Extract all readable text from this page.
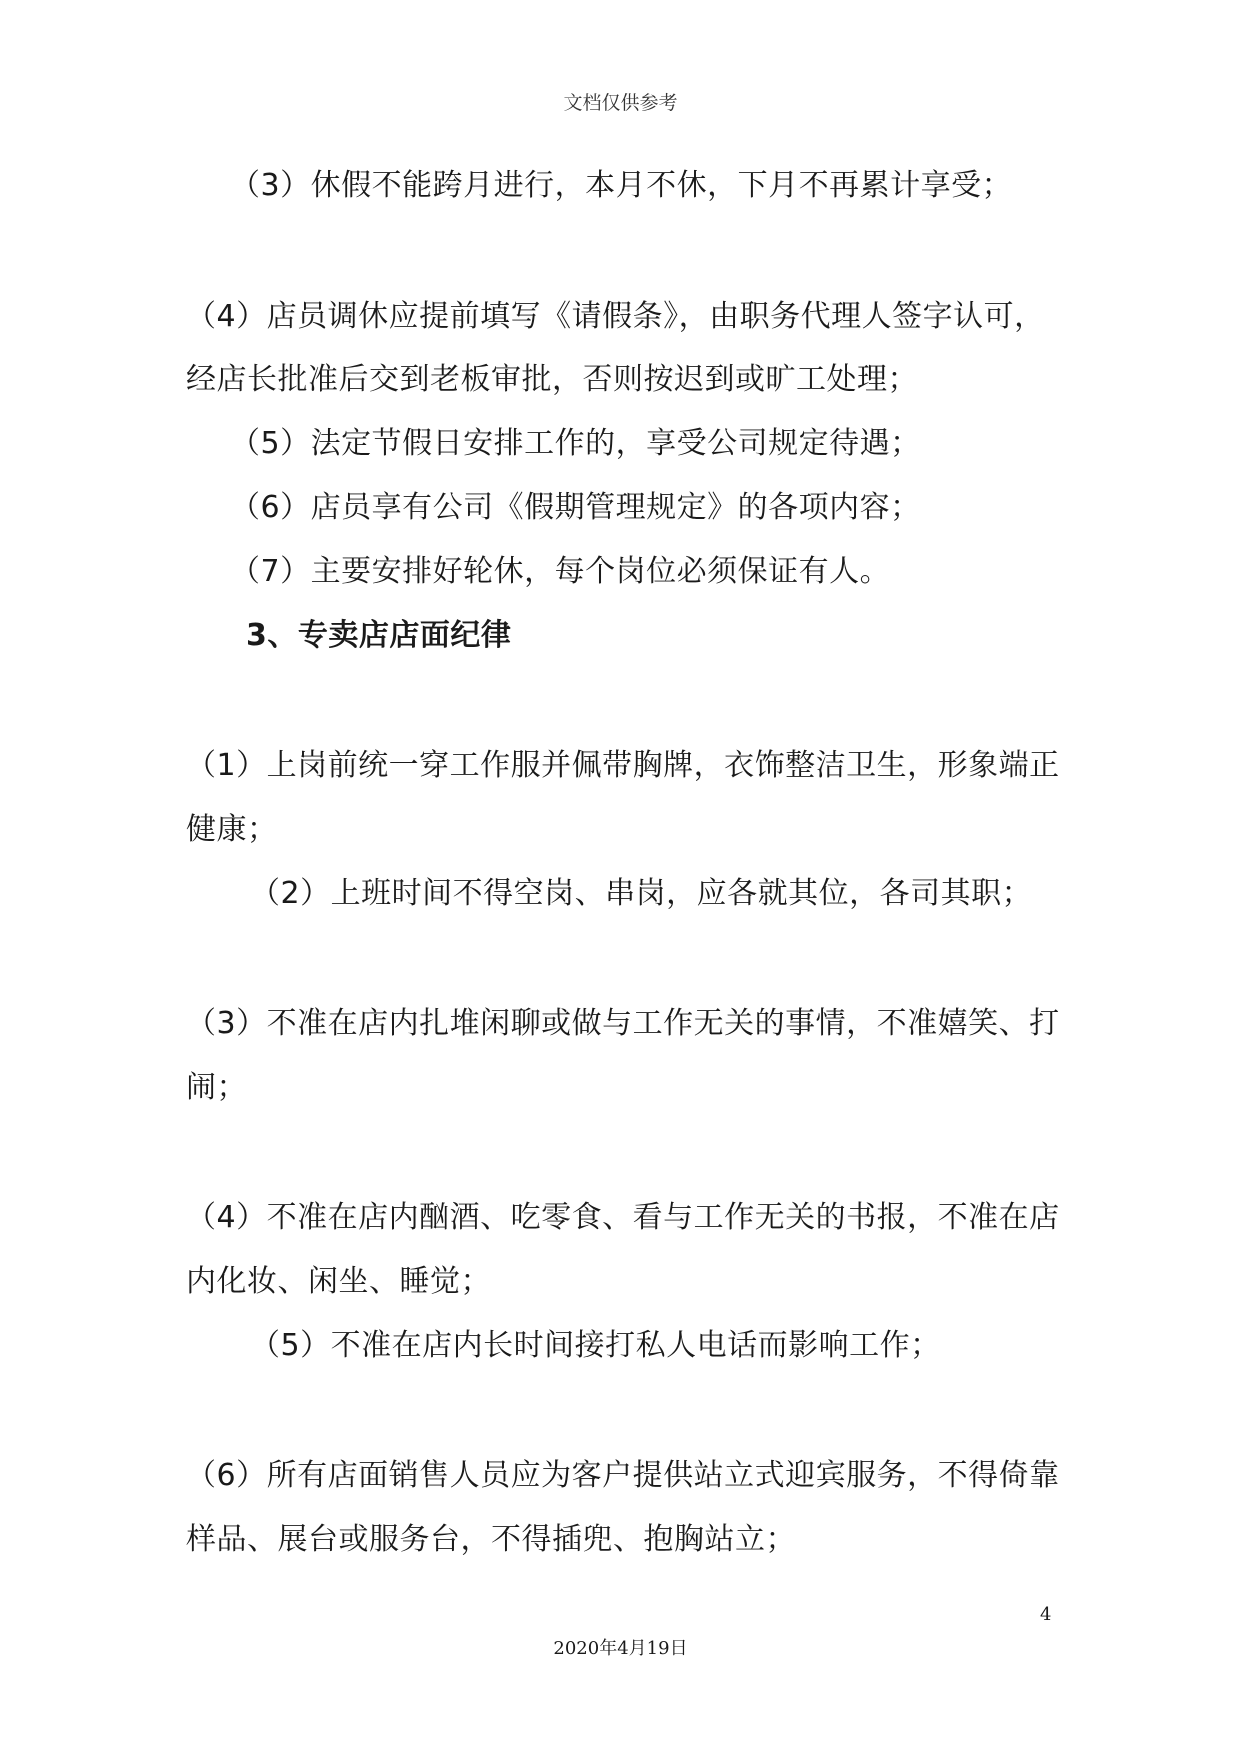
文档仅供参考
（3）休假不能跨月进行，本月不休，下月不再累计享受；
（4）店员调休应提前填写《请假条》，由职务代理人签字认可，
经店长批准后交到老板审批，否则按迟到或旷工处理；
（5）法定节假日安排工作的，享受公司规定待遇；
（6）店员享有公司《假期管理规定》的各项内容；
（7）主要安排好轮休，每个岗位必须保证有人。
3、专卖店店面纪律
（1）上岗前统一穿工作服并佩带胸牌，衣饰整洁卫生，形象端正
健康；
（2）上班时间不得空岗、串岗，应各就其位，各司其职；
（3）不准在店内扎堆闲聊或做与工作无关的事情，不准嬉笑、打
闹；
（4）不准在店内酗酒、吃零食、看与工作无关的书报，不准在店
内化妆、闲坐、睡觉；
（5）不准在店内长时间接打私人电话而影响工作；
（6）所有店面销售人员应为客户提供站立式迎宾服务，不得倚靠
样品、展台或服务台，不得插兜、抱胸站立；
4
2020年4月19日
